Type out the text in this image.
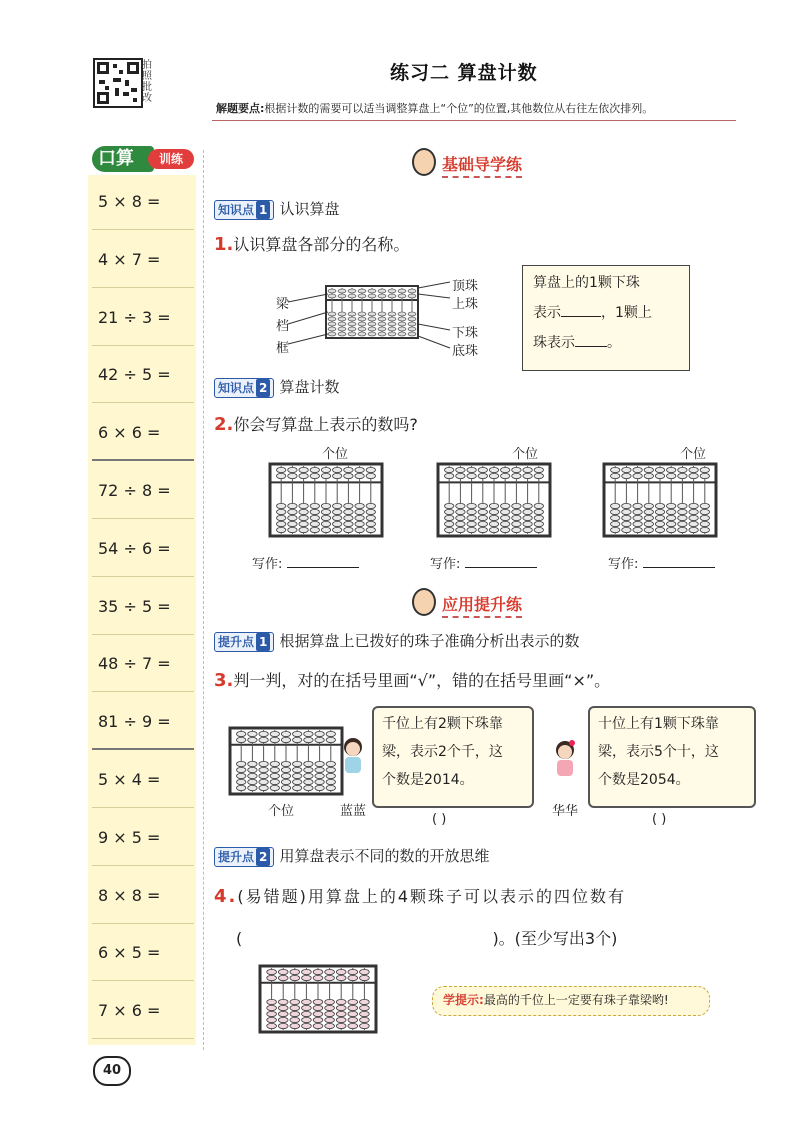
拍照批改
练习二 算盘计数
解题要点:根据计数的需要可以适当调整算盘上“个位”的位置,其他数位从右往左依次排列。
口算	训练
5 × 8 =
4 × 7 =
21 ÷ 3 =
42 ÷ 5 =
6 × 6 =
72 ÷ 8 =
54 ÷ 6 =
35 ÷ 5 =
48 ÷ 7 =
81 ÷ 9 =
5 × 4 =
9 × 5 =
8 × 8 =
6 × 5 =
7 × 6 =
40
基础导学练
知识点 1 认识算盘
1.认识算盘各部分的名称。
梁
档
框
顶珠
上珠
下珠
底珠
算盘上的1颗下珠
表示	，1颗上
珠表示 。
知识点 2 算盘计数
2.你会写算盘上表示的数吗?
个位	个位	个位
写作:	写作:	写作:
应用提升练
提升点 1 根据算盘上已拨好的珠子准确分析出表示的数
3.判一判，对的在括号里画“√”，错的在括号里画“×”。
个位
千位上有2颗下珠靠
梁，表示2个千，这
个数是2014。
蓝蓝
( )
华华
十位上有1颗下珠靠
梁，表示5个十，这
个数是2054。
( )
提升点 2 用算盘表示不同的数的开放思维
4.(易错题)用算盘上的4颗珠子可以表示的四位数有
(	)。(至少写出3个)
学提示:最高的千位上一定要有珠子靠梁哟!
